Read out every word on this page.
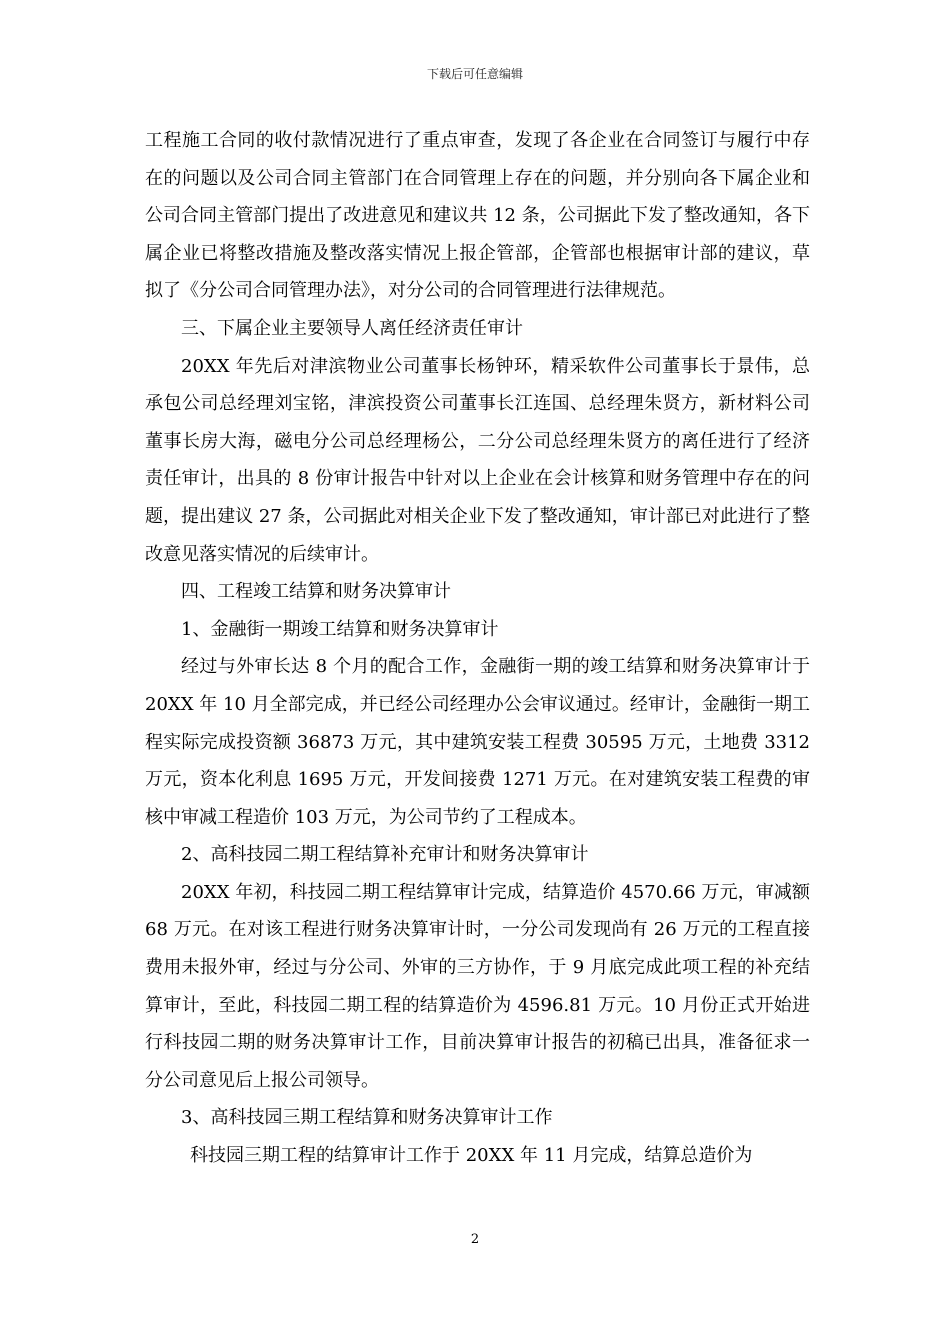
下载后可任意编辑

工程施工合同的收付款情况进行了重点审查，发现了各企业在合同签订与履行中存在的问题以及公司合同主管部门在合同管理上存在的问题，并分别向各下属企业和公司合同主管部门提出了改进意见和建议共 12 条，公司据此下发了整改通知，各下属企业已将整改措施及整改落实情况上报企管部，企管部也根据审计部的建议，草拟了《分公司合同管理办法》，对分公司的合同管理进行法律规范。

三、下属企业主要领导人离任经济责任审计

20XX 年先后对津滨物业公司董事长杨钟环，精采软件公司董事长于景伟，总承包公司总经理刘宝铭，津滨投资公司董事长江连国、总经理朱贤方，新材料公司董事长房大海，磁电分公司总经理杨公，二分公司总经理朱贤方的离任进行了经济责任审计，出具的 8 份审计报告中针对以上企业在会计核算和财务管理中存在的问题，提出建议 27 条，公司据此对相关企业下发了整改通知，审计部已对此进行了整改意见落实情况的后续审计。

四、工程竣工结算和财务决算审计

1、金融街一期竣工结算和财务决算审计

经过与外审长达 8 个月的配合工作，金融街一期的竣工结算和财务决算审计于 20XX 年 10 月全部完成，并已经公司经理办公会审议通过。经审计，金融街一期工程实际完成投资额 36873 万元，其中建筑安装工程费 30595 万元，土地费 3312 万元，资本化利息 1695 万元，开发间接费 1271 万元。在对建筑安装工程费的审核中审减工程造价 103 万元，为公司节约了工程成本。

2、高科技园二期工程结算补充审计和财务决算审计

20XX 年初，科技园二期工程结算审计完成，结算造价 4570.66 万元，审减额 68 万元。在对该工程进行财务决算审计时，一分公司发现尚有 26 万元的工程直接费用未报外审，经过与分公司、外审的三方协作，于 9 月底完成此项工程的补充结算审计，至此，科技园二期工程的结算造价为 4596.81 万元。10 月份正式开始进行科技园二期的财务决算审计工作，目前决算审计报告的初稿已出具，准备征求一分公司意见后上报公司领导。

3、高科技园三期工程结算和财务决算审计工作

科技园三期工程的结算审计工作于 20XX 年 11 月完成，结算总造价为

2
